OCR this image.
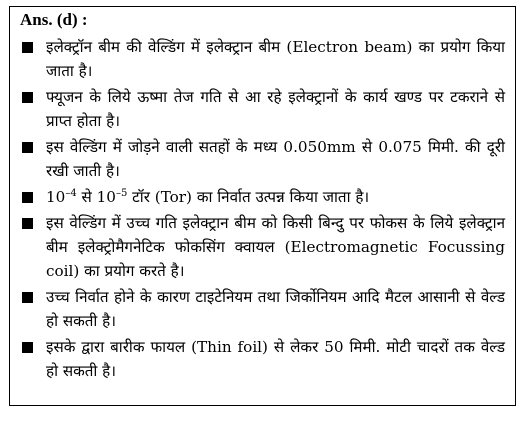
Ans. (d) :
इलेक्ट्रॉन बीम की वेल्डिंग में इलेक्ट्रान बीम (Electron beam) का प्रयोग किया जाता है।
फ्यूजन के लिये ऊष्मा तेज गति से आ रहे इलेक्ट्रानों के कार्य खण्ड पर टकराने से प्राप्त होता है।
इस वेल्डिंग में जोड़ने वाली सतहों के मध्य 0.050mm से 0.075 मिमी. की दूरी रखी जाती है।
$10^{-4}$ से $10^{-5}$ टॉर (Tor) का निर्वात उत्पन्न किया जाता है।
इस वेल्डिंग में उच्च गति इलेक्ट्रान बीम को किसी बिन्दु पर फोकस के लिये इलेक्ट्रान बीम इलेक्ट्रोमैगनेटिक फोकसिंग क्वायल (Electromagnetic Focussing coil) का प्रयोग करते है।
उच्च निर्वात होने के कारण टाइटेनियम तथा जिर्कोनियम आदि मैटल आसानी से वेल्ड हो सकती है।
इसके द्वारा बारीक फायल (Thin foil) से लेकर 50 मिमी. मोटी चादरों तक वेल्ड हो सकती है।
